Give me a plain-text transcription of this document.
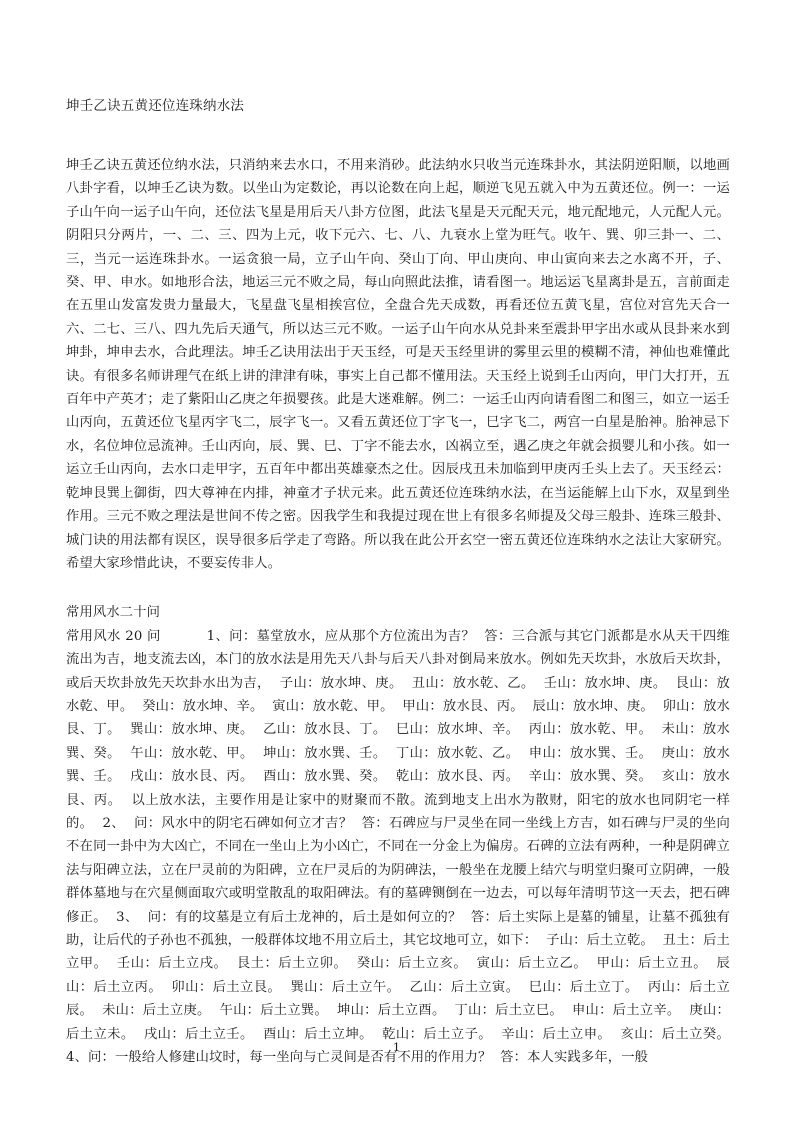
坤壬乙诀五黄还位连珠纳水法
坤壬乙诀五黄还位纳水法，只消纳来去水口，不用来消砂。此法纳水只收当元连珠卦水，其法阴逆阳顺，以地画八卦字看，以坤壬乙诀为数。以坐山为定数论，再以论数在向上起，顺逆飞见五就入中为五黄还位。例一：一运子山午向一运子山午向，还位法飞星是用后天八卦方位图，此法飞星是天元配天元，地元配地元，人元配人元。阴阳只分两片，一、二、三、四为上元，收下元六、七、八、九衰水上堂为旺气。收午、巽、卯三卦一、二、三，当元一运连珠卦水。一运贪狼一局，立子山午向、癸山丁向、甲山庚向、申山寅向来去之水离不开，子、癸、甲、申水。如地形合法，地运三元不败之局，每山向照此法推，请看图一。地运运飞星离卦是五，言前面走在五里山发富发贵力量最大，飞星盘飞星相挨宫位，全盘合先天成数，再看还位五黄飞星，宫位对宫先天合一六、二七、三八、四九先后天通气，所以达三元不败。一运子山午向水从兑卦来至震卦甲字出水或从艮卦来水到坤卦，坤申去水，合此理法。坤壬乙诀用法出于天玉经，可是天玉经里讲的雾里云里的模糊不清，神仙也难懂此诀。有很多名师讲理气在纸上讲的津津有味，事实上自己都不懂用法。天玉经上说到壬山丙向，甲门大打开，五百年中产英才；走了紫阳山乙庚之年损婴孩。此是大迷难解。例二：一运壬山丙向请看图二和图三，如立一运壬山丙向，五黄还位飞星丙字飞二，辰字飞一。又看五黄还位丁字飞一，巳字飞二，两宫一白星是胎神。胎神忌下水，名位坤位忌流神。壬山丙向，辰、巽、巳、丁字不能去水，凶祸立至，遇乙庚之年就会损婴儿和小孩。如一运立壬山丙向，去水口走甲字，五百年中都出英雄豪杰之仕。因辰戌丑未加临到甲庚丙壬头上去了。天玉经云：乾坤艮巽上御街，四大尊神在内排，神童才子状元来。此五黄还位连珠纳水法，在当运能解上山下水，双星到坐作用。三元不败之理法是世间不传之密。因我学生和我提过现在世上有很多名师提及父母三般卦、连珠三般卦、城门诀的用法都有误区，误导很多后学走了弯路。所以我在此公开玄空一密五黄还位连珠纳水之法让大家研究。希望大家珍惜此诀，不要妄传非人。
常用风水二十问
常用风水 20 问	1、问：墓堂放水，应从那个方位流出为吉？  答：三合派与其它门派都是水从天干四维流出为吉，地支流去凶，本门的放水法是用先天八卦与后天八卦对倒局来放水。例如先天坎卦，水放后天坎卦，或后天坎卦放先天坎卦水出为吉，  子山：放水坤、庚。  丑山：放水乾、乙。  壬山：放水坤、庚。  艮山：放水乾、甲。  癸山：放水坤、辛。  寅山：放水乾、甲。  甲山：放水艮、丙。  辰山：放水坤、庚。  卯山：放水艮、丁。  巽山：放水坤、庚。  乙山：放水艮、丁。  巳山：放水坤、辛。  丙山：放水乾、甲。  未山：放水巽、癸。  午山：放水乾、甲。  坤山：放水巽、壬。  丁山：放水乾、乙。  申山：放水巽、壬。  庚山：放水巽、壬。  戌山：放水艮、丙。  酉山：放水巽、癸。  乾山：放水艮、丙。  辛山：放水巽、癸。  亥山：放水艮、丙。  以上放水法，主要作用是让家中的财聚而不散。流到地支上出水为散财，阳宅的放水也同阴宅一样的。  2、  问：风水中的阴宅石碑如何立才吉？  答：石碑应与尸灵坐在同一坐线上方吉，如石碑与尸灵的坐向不在同一卦中为大凶亡，不同在一坐山上为小凶亡，不同在一分金上为偏房。石碑的立法有两种，一种是阴碑立法与阳碑立法，立在尸灵前的为阳碑，立在尸灵后的为阴碑法，一般坐在龙腰上结穴与明堂归聚可立阴碑，一般群体墓地与在穴星侧面取穴或明堂散乱的取阳碑法。有的墓碑铡倒在一边去，可以每年清明节这一天去，把石碑修正。  3、  问：有的坟墓是立有后土龙神的，后土是如何立的？  答：后土实际上是墓的铺星，让墓不孤独有助，让后代的子孙也不孤独，一般群体坟地不用立后土，其它坟地可立，如下：  子山：后土立乾。  丑土：后土立甲。  壬山：后土立戌。  艮土：后土立卯。  癸山：后土立亥。  寅山：后土立乙。  甲山：后土立丑。  辰山：后土立丙。  卯山：后土立艮。  巽山：后土立午。  乙山：后土立寅。  巳山：后土立丁。  丙山：后土立辰。  未山：后土立庚。  午山：后土立巽。  坤山：后土立酉。  丁山：后土立巳。  申山：后土立辛。  庚山：后土立未。  戌山：后土立壬。  酉山：后土立坤。  乾山：后土立子。  辛山：后土立申。  亥山：后土立癸。  4、问：一般给人修建山坟时，每一坐向与亡灵间是否有不用的作用力？  答：本人实践多年，一般
1
